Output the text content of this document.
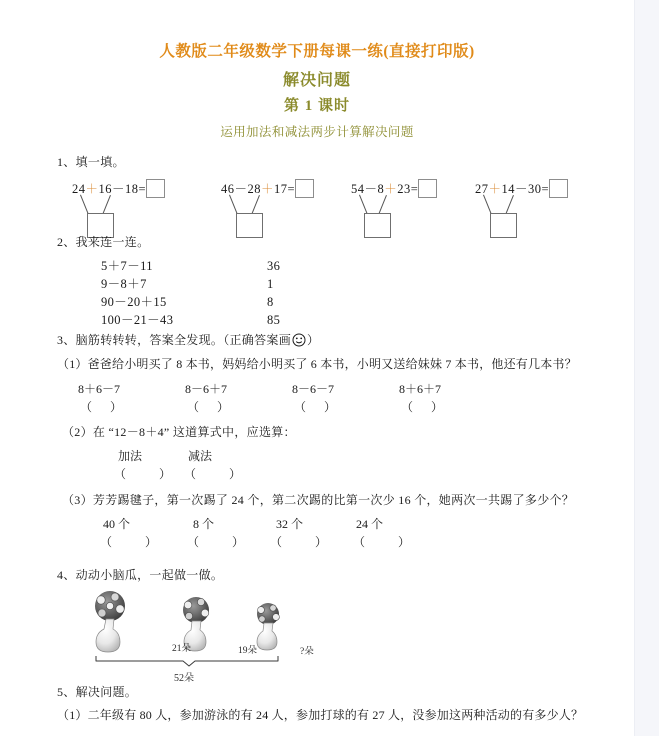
人教版二年级数学下册每课一练(直接打印版)
解决问题
第 1 课时
运用加法和减法两步计算解决问题
1、填一填。
24＋16－18=	46－28＋17=	54－8＋23=	27＋14－30=
2、我来连一连。
5＋7－11	36
9－8＋7	1
90－20＋15	8
100－21－43	85
3、脑筋转转转，答案全发现。（正确答案画 ）
（1）爸爸给小明买了 8 本书，妈妈给小明买了 6 本书，小明又送给妹妹 7 本书，他还有几本书？
8＋6－7	8－6＋7	8－6－7	8＋6＋7
（　）	（　）	（　）	（　）
（2）在 “12－8＋4” 这道算式中，应选算：
加法	减法
（　　） （　　）
（3）芳芳踢毽子，第一次踢了 24 个，第二次踢的比第一次少 16 个，她两次一共踢了多少个？
40 个	8 个	32 个	24 个
（　　） （　　） （　　） （　　）
4、动动小脑瓜，一起做一做。
21朵	19朵	?朵
52朵
5、解决问题。
（1）二年级有 80 人，参加游泳的有 24 人，参加打球的有 27 人，没参加这两种活动的有多少人？
